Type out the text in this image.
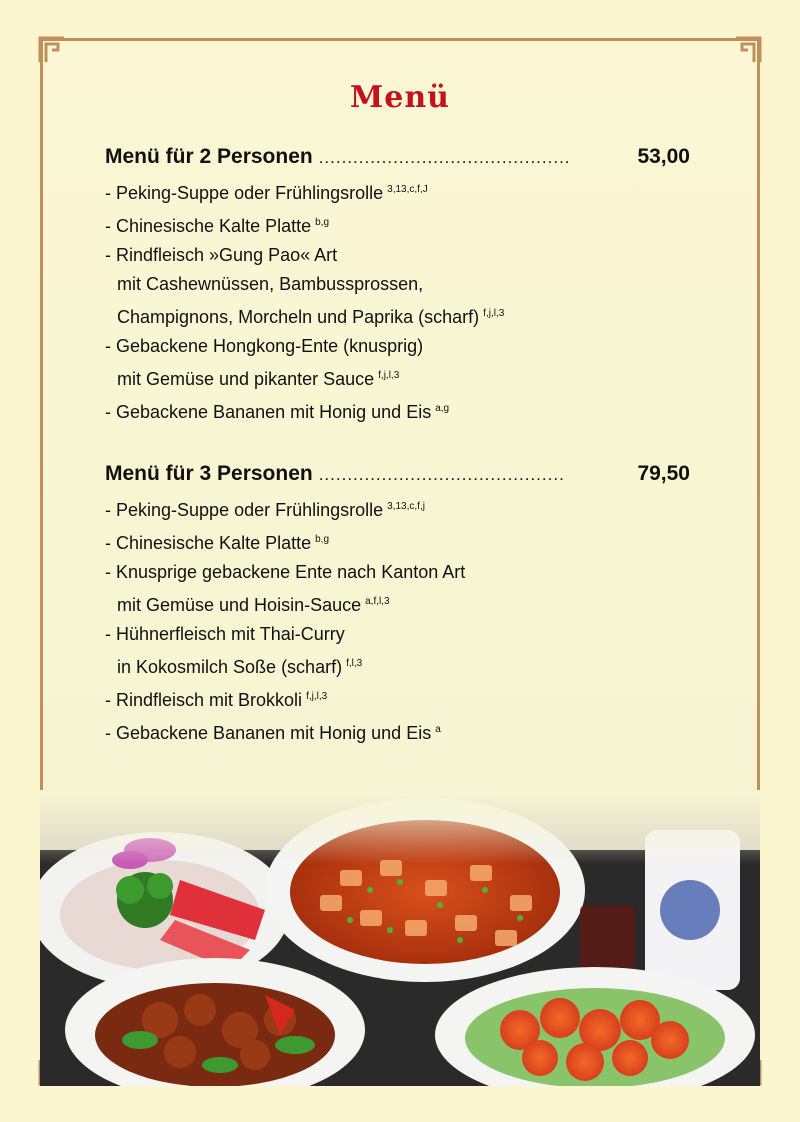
Menü
Menü für 2 Personen ............................................	53,00
- Peking-Suppe oder Frühlingsrolle $^{3,13,c,f,J}$
- Chinesische Kalte Platte $^{b,g}$
- Rindfleisch »Gung Pao« Art
mit Cashewnüssen, Bambussprossen,
Champignons, Morcheln und Paprika (scharf) $^{f,j,l,3}$
- Gebackene Hongkong-Ente (knusprig)
mit Gemüse und pikanter Sauce $^{f,j,l,3}$
- Gebackene Bananen mit Honig und Eis $^{a,g}$
Menü für 3 Personen ...........................................	79,50
- Peking-Suppe oder Frühlingsrolle $^{3,13,c,f,j}$
- Chinesische Kalte Platte $^{b,g}$
- Knusprige gebackene Ente nach Kanton Art
mit Gemüse und Hoisin-Sauce $^{a,f,l,3}$
- Hühnerfleisch mit Thai-Curry
in Kokosmilch Soße (scharf) $^{f,l,3}$
- Rindfleisch mit Brokkoli $^{f,j,l,3}$
- Gebackene Bananen mit Honig und Eis $^a$
